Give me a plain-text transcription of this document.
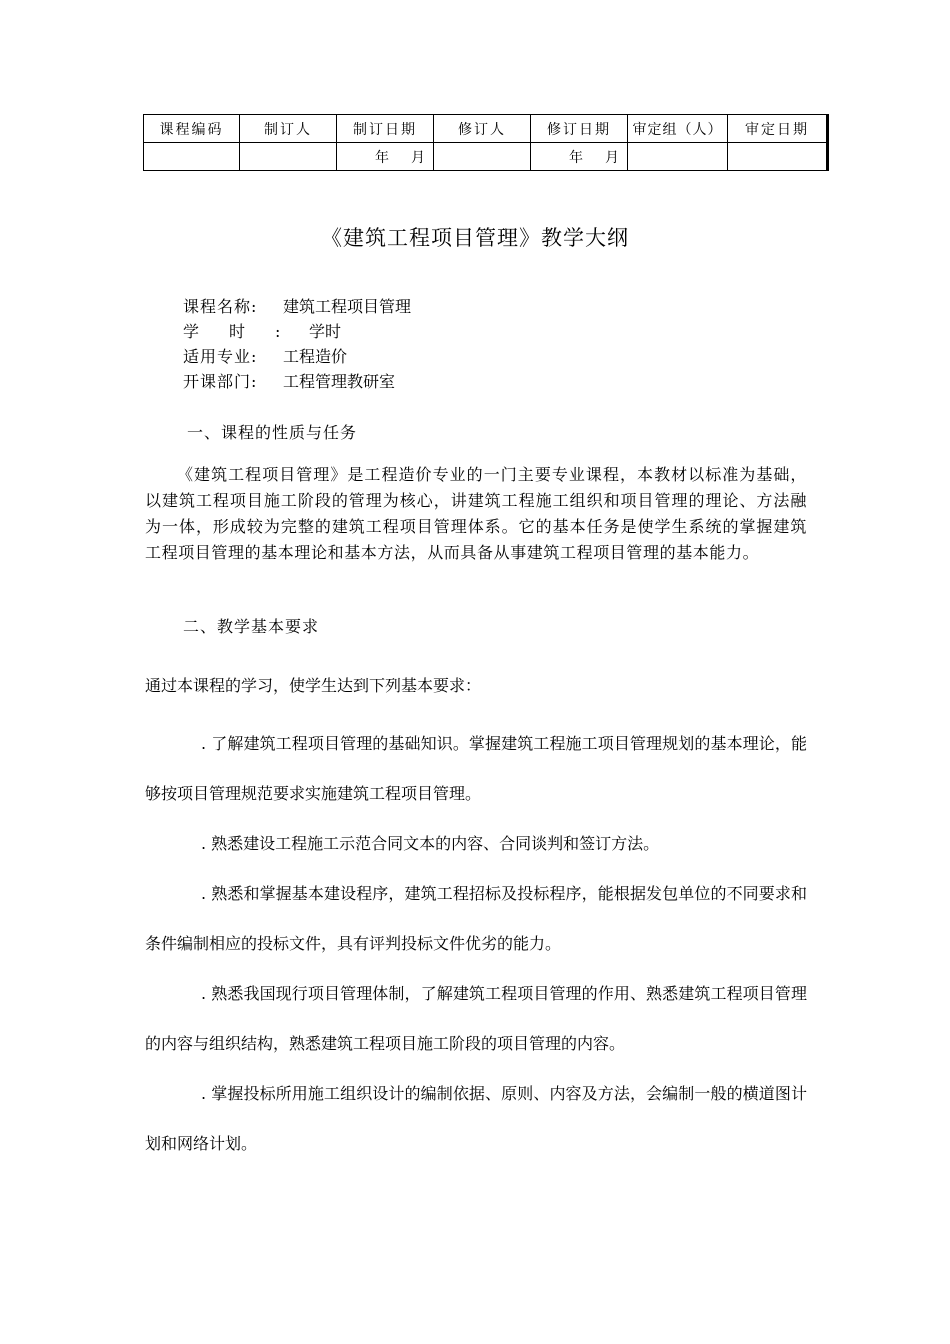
课程编码	制订人	制订日期	修订人	修订日期	审定组（人）	审定日期
		年 月		年 月		
《建筑工程项目管理》教学大纲
课程名称: 建筑工程项目管理
学时:学时
适用专业: 工程造价
开课部门: 工程管理教研室
一、课程的性质与任务
《建筑工程项目管理》是工程造价专业的一门主要专业课程，本教材以标准为基础，以建筑工程项目施工阶段的管理为核心，讲建筑工程施工组织和项目管理的理论、方法融为一体，形成较为完整的建筑工程项目管理体系。它的基本任务是使学生系统的掌握建筑工程项目管理的基本理论和基本方法，从而具备从事建筑工程项目管理的基本能力。
二、教学基本要求
通过本课程的学习，使学生达到下列基本要求：

. 了解建筑工程项目管理的基础知识。掌握建筑工程施工项目管理规划的基本理论，能够按项目管理规范要求实施建筑工程项目管理。

. 熟悉建设工程施工示范合同文本的内容、合同谈判和签订方法。

. 熟悉和掌握基本建设程序，建筑工程招标及投标程序，能根据发包单位的不同要求和条件编制相应的投标文件，具有评判投标文件优劣的能力。

. 熟悉我国现行项目管理体制，了解建筑工程项目管理的作用、熟悉建筑工程项目管理的内容与组织结构，熟悉建筑工程项目施工阶段的项目管理的内容。

. 掌握投标所用施工组织设计的编制依据、原则、内容及方法，会编制一般的横道图计划和网络计划。
